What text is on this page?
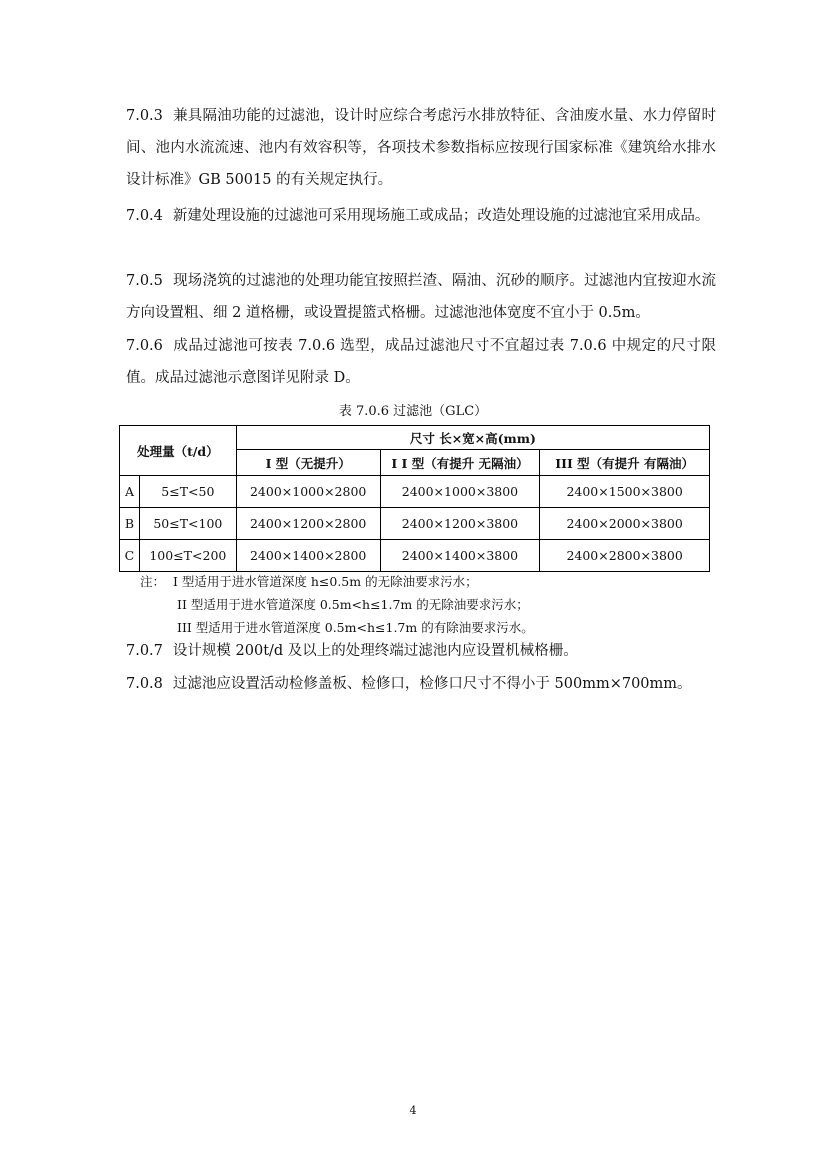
7.0.3 兼具隔油功能的过滤池，设计时应综合考虑污水排放特征、含油废水量、水力停留时间、池内水流流速、池内有效容积等，各项技术参数指标应按现行国家标准《建筑给水排水设计标准》GB 50015 的有关规定执行。
7.0.4 新建处理设施的过滤池可采用现场施工或成品；改造处理设施的过滤池宜采用成品。
7.0.5 现场浇筑的过滤池的处理功能宜按照拦渣、隔油、沉砂的顺序。过滤池内宜按迎水流方向设置粗、细 2 道格栅，或设置提篮式格栅。过滤池池体宽度不宜小于 0.5m。
7.0.6 成品过滤池可按表 7.0.6 选型，成品过滤池尺寸不宜超过表 7.0.6 中规定的尺寸限值。成品过滤池示意图详见附录 D。
表 7.0.6 过滤池（GLC）
处理量（t/d）		尺寸 长×宽×高(mm)		
		I 型（无提升）	I I 型（有提升 无隔油）	III 型（有提升 有隔油）
A	5≤T<50	2400×1000×2800	2400×1000×3800	2400×1500×3800
B	50≤T<100	2400×1200×2800	2400×1200×3800	2400×2000×3800
C	100≤T<200	2400×1400×2800	2400×1400×3800	2400×2800×3800
注： I 型适用于进水管道深度 h≤0.5m 的无除油要求污水；
II 型适用于进水管道深度 0.5m<h≤1.7m 的无除油要求污水；
III 型适用于进水管道深度 0.5m<h≤1.7m 的有除油要求污水。
7.0.7 设计规模 200t/d 及以上的处理终端过滤池内应设置机械格栅。
7.0.8 过滤池应设置活动检修盖板、检修口，检修口尺寸不得小于 500mm×700mm。
4
